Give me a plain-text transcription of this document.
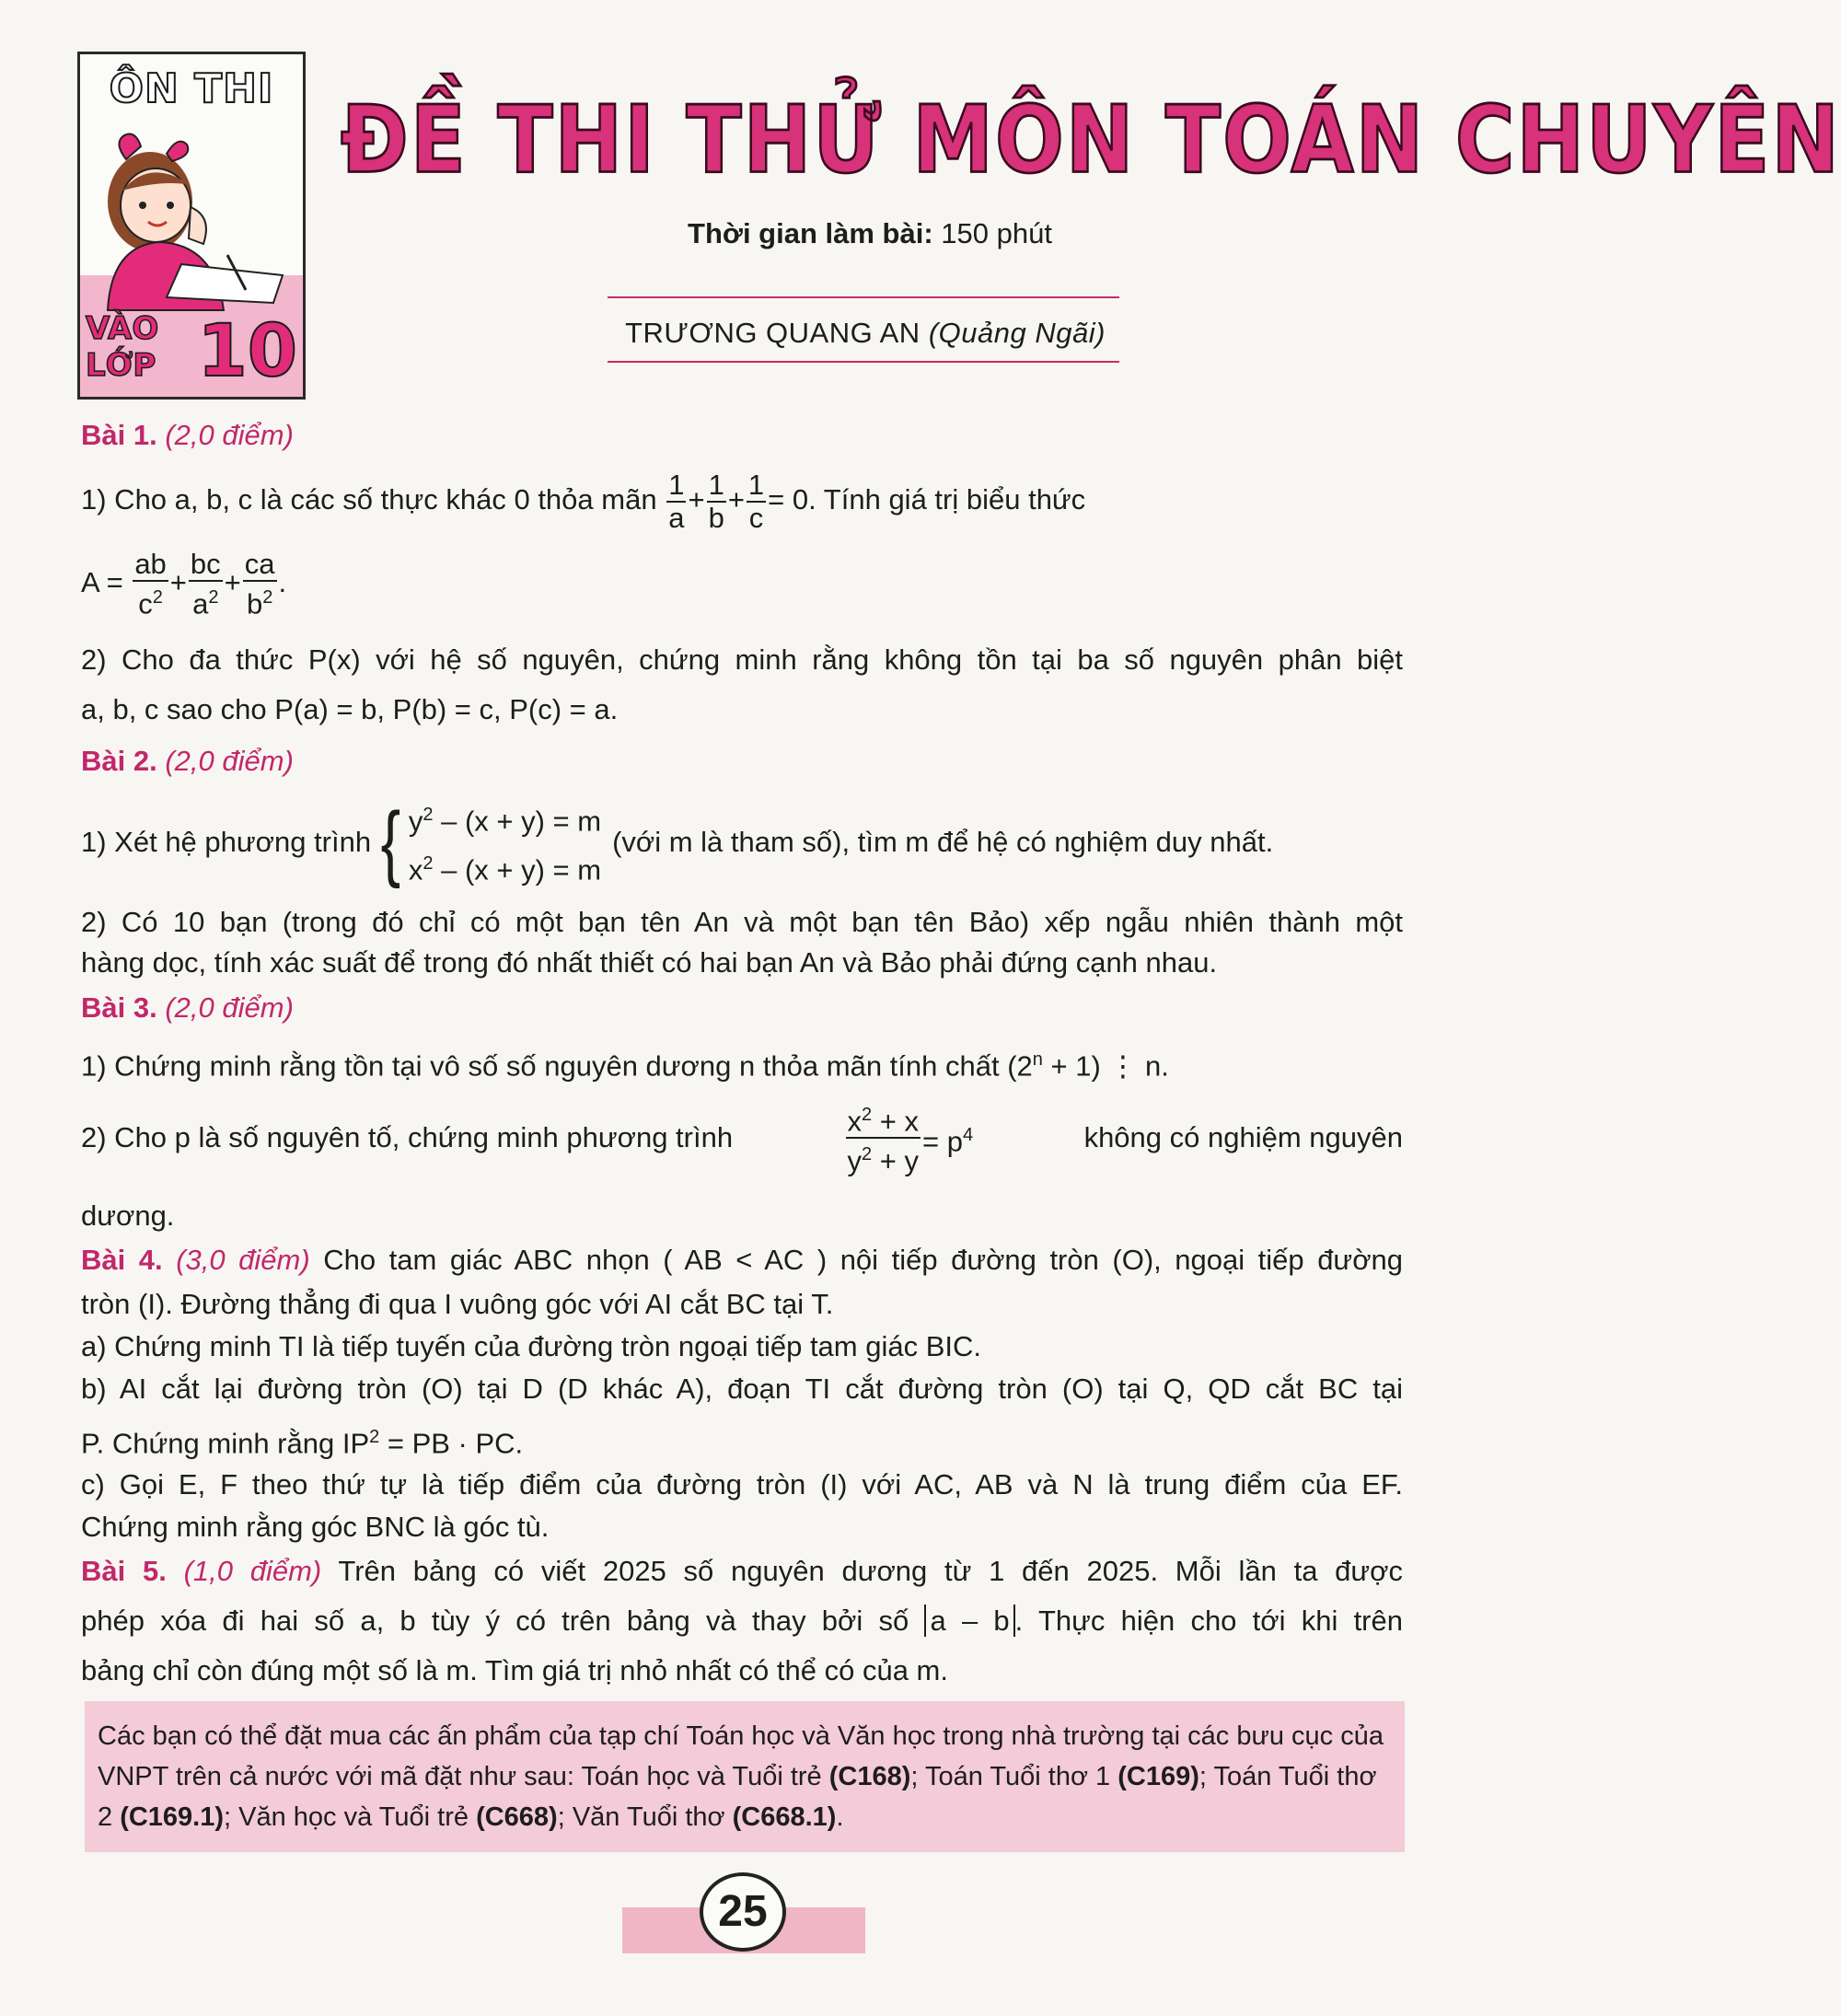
ÔN THI
VÀO LỚP 10
ĐỀ THI THỬ MÔN TOÁN CHUYÊN
Thời gian làm bài: 150 phút
TRƯƠNG QUANG AN (Quảng Ngãi)
Bài 1. (2,0 điểm)
1) Cho a, b, c là các số thực khác 0 thỏa mãn $\frac{1}{a} + \frac{1}{b} + \frac{1}{c} = 0$. Tính giá trị biểu thức
$A = \frac{ab}{c^2} + \frac{bc}{a^2} + \frac{ca}{b^2}$ .
2) Cho đa thức P(x) với hệ số nguyên, chứng minh rằng không tồn tại ba số nguyên phân biệt
a, b, c sao cho P(a) = b, P(b) = c, P(c) = a.
Bài 2. (2,0 điểm)
1) Xét hệ phương trình { $y^2 - (x + y) = m$
$x^2 - (x + y) = m$
(với m là tham số), tìm m để hệ có nghiệm duy nhất.
2) Có 10 bạn (trong đó chỉ có một bạn tên An và một bạn tên Bảo) xếp ngẫu nhiên thành một
hàng dọc, tính xác suất để trong đó nhất thiết có hai bạn An và Bảo phải đứng cạnh nhau.
Bài 3. (2,0 điểm)
1) Chứng minh rằng tồn tại vô số số nguyên dương n thỏa mãn tính chất $(2^n + 1)$ ⋮ n.
2) Cho p là số nguyên tố, chứng minh phương trình	$\frac{x^2 + x}{y^2 + y} = p^4$	không có nghiệm nguyên
dương.
Bài 4. (3,0 điểm) Cho tam giác ABC nhọn ( AB < AC ) nội tiếp đường tròn (O), ngoại tiếp đường
tròn (I). Đường thẳng đi qua I vuông góc với AI cắt BC tại T.
a) Chứng minh TI là tiếp tuyến của đường tròn ngoại tiếp tam giác BIC.
b) AI cắt lại đường tròn (O) tại D (D khác A), đoạn TI cắt đường tròn (O) tại Q, QD cắt BC tại
P. Chứng minh rằng $IP^2$ = PB · PC.
c) Gọi E, F theo thứ tự là tiếp điểm của đường tròn (I) với AC, AB và N là trung điểm của EF.
Chứng minh rằng góc BNC là góc tù.
Bài 5. (1,0 điểm) Trên bảng có viết 2025 số nguyên dương từ 1 đến 2025. Mỗi lần ta được
phép xóa đi hai số a, b tùy ý có trên bảng và thay bởi số a – b . Thực hiện cho tới khi trên
bảng chỉ còn đúng một số là m. Tìm giá trị nhỏ nhất có thể có của m.
Các bạn có thể đặt mua các ấn phẩm của tạp chí Toán học và Văn học trong nhà trường tại các bưu cục của VNPT trên cả nước với mã đặt như sau: Toán học và Tuổi trẻ (C168); Toán Tuổi thơ 1 (C169); Toán Tuổi thơ 2 (C169.1); Văn học và Tuổi trẻ (C668); Văn Tuổi thơ (C668.1).
25
